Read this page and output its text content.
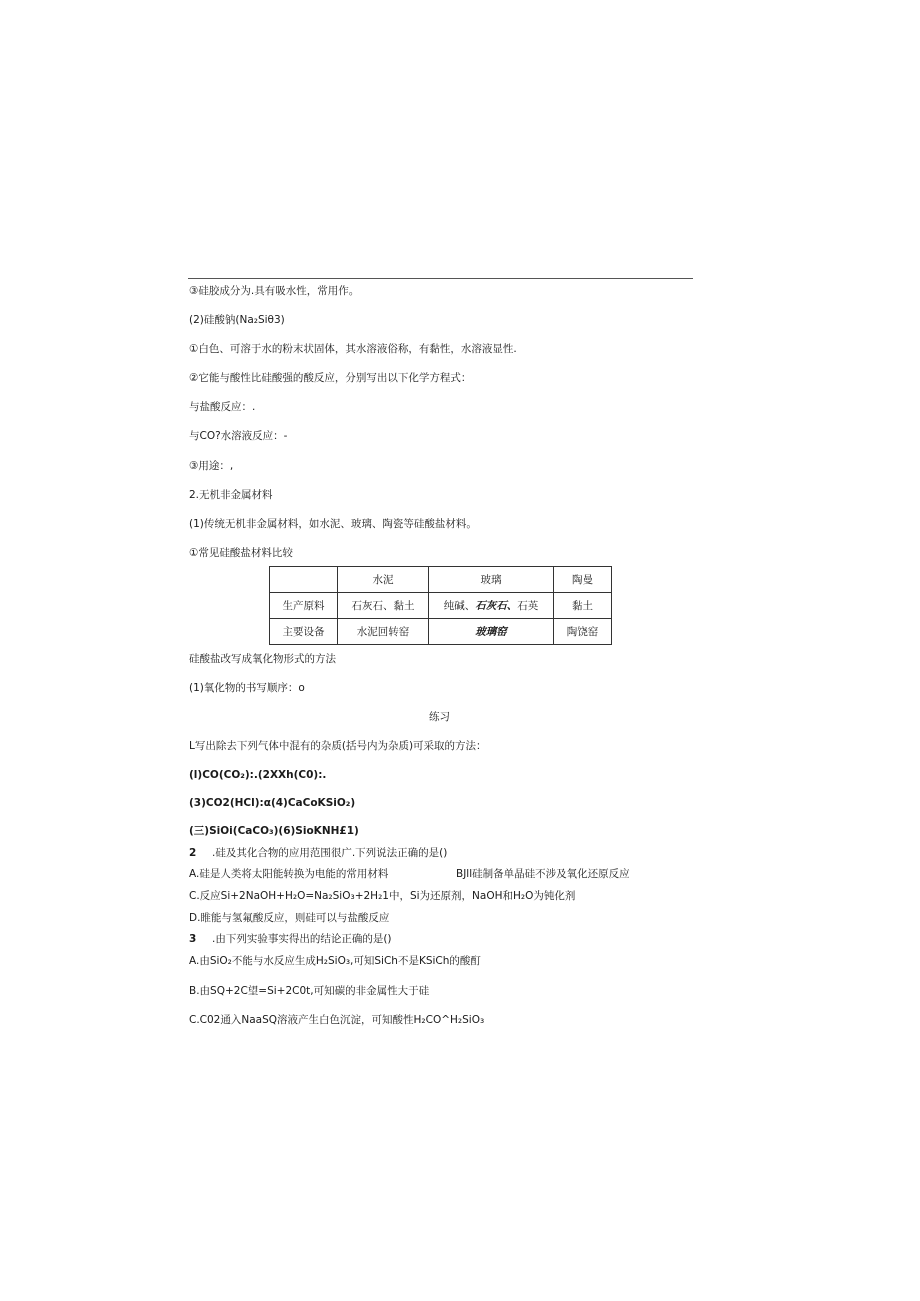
③硅胶成分为.具有吸水性，常用作。
(2)硅酸钠(Na₂Siθ3)
①白色、可溶于水的粉末状固体，其水溶液俗称，有黏性，水溶液显性.
②它能与酸性比硅酸强的酸反应，分别写出以下化学方程式：
与盐酸反应：.
与CO?水溶液反应：-
③用途：,
2.无机非金属材料
(1)传统无机非金属材料，如水泥、玻璃、陶瓷等硅酸盐材料。
①常见硅酸盐材料比较
	水泥	玻璃	陶曼
生产原料	石灰石、黏土	纯碱、石灰石、石英	黏土
主要设备	水泥回转窑	玻璃窑	陶饶窑
硅酸盐改写成氧化物形式的方法
(1)氧化物的书写顺序：o
练习
L写出除去下列气体中混有的杂质(括号内为杂质)可采取的方法：
(l)CO(CO₂):.(2XXh(C0):.
(3)CO2(HCl):α(4)CaCoKSiO₂)
(三)SiOi(CaCO₃)(6)SioKNH£1)
2 .硅及其化合物的应用范围很广.下列说法正确的是()
A.硅是人类将太阳能转换为电能的常用材料	BJll硅制备单晶硅不涉及氧化还原反应
C.反应Si+2NaOH+H₂O=Na₂SiO₃+2H₂1中，Si为还原剂，NaOH和H₂O为钝化剂
D.睢能与氢氟酸反应，则硅可以与盐酸反应
3 .由下列实验事实得出的结论正确的是()
A.由SiO₂不能与水反应生成H₂SiO₃,可知SiCh不是KSiCh的酸酊
B.由SQ+2C望=Si+2C0t,可知碳的非金属性大于硅
C.C02通入NaaSQ溶液产生白色沉淀，可知酸性H₂CO^H₂SiO₃
